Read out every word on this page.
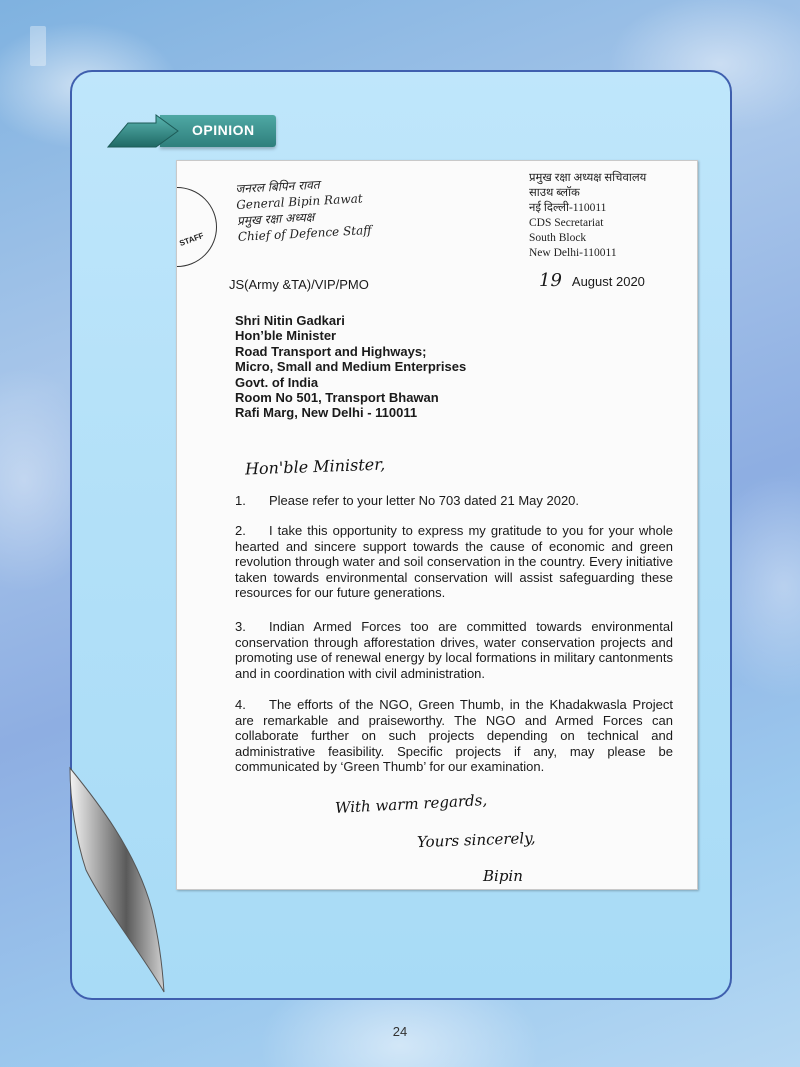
OPINION
STAFF
जनरल बिपिन रावत
General Bipin Rawat
प्रमुख रक्षा अध्यक्ष
Chief of Defence Staff
प्रमुख रक्षा अध्यक्ष सचिवालय
साउथ ब्लॉक
नई दिल्ली-110011
CDS Secretariat
South Block
New Delhi-110011
JS(Army &TA)/VIP/PMO	19 August 2020
Shri Nitin Gadkari
Hon’ble Minister
Road Transport and Highways;
Micro, Small and Medium Enterprises
Govt. of India
Room No 501, Transport Bhawan
Rafi Marg, New Delhi - 110011
Hon'ble Minister,

1. Please refer to your letter No 703 dated 21 May 2020.

2. I take this opportunity to express my gratitude to you for your whole hearted and sincere support towards the cause of economic and green revolution through water and soil conservation in the country. Every initiative taken towards environmental conservation will assist safeguarding these resources for our future generations.

3. Indian Armed Forces too are committed towards environmental conservation through afforestation drives, water conservation projects and promoting use of renewal energy by local formations in military cantonments and in coordination with civil administration.

4. The efforts of the NGO, Green Thumb, in the Khadakwasla Project are remarkable and praiseworthy. The NGO and Armed Forces can collaborate further on such projects depending on technical and administrative feasibility. Specific projects if any, may please be communicated by ‘Green Thumb’ for our examination.

With warm regards,
Yours sincerely,
Bipin
24
